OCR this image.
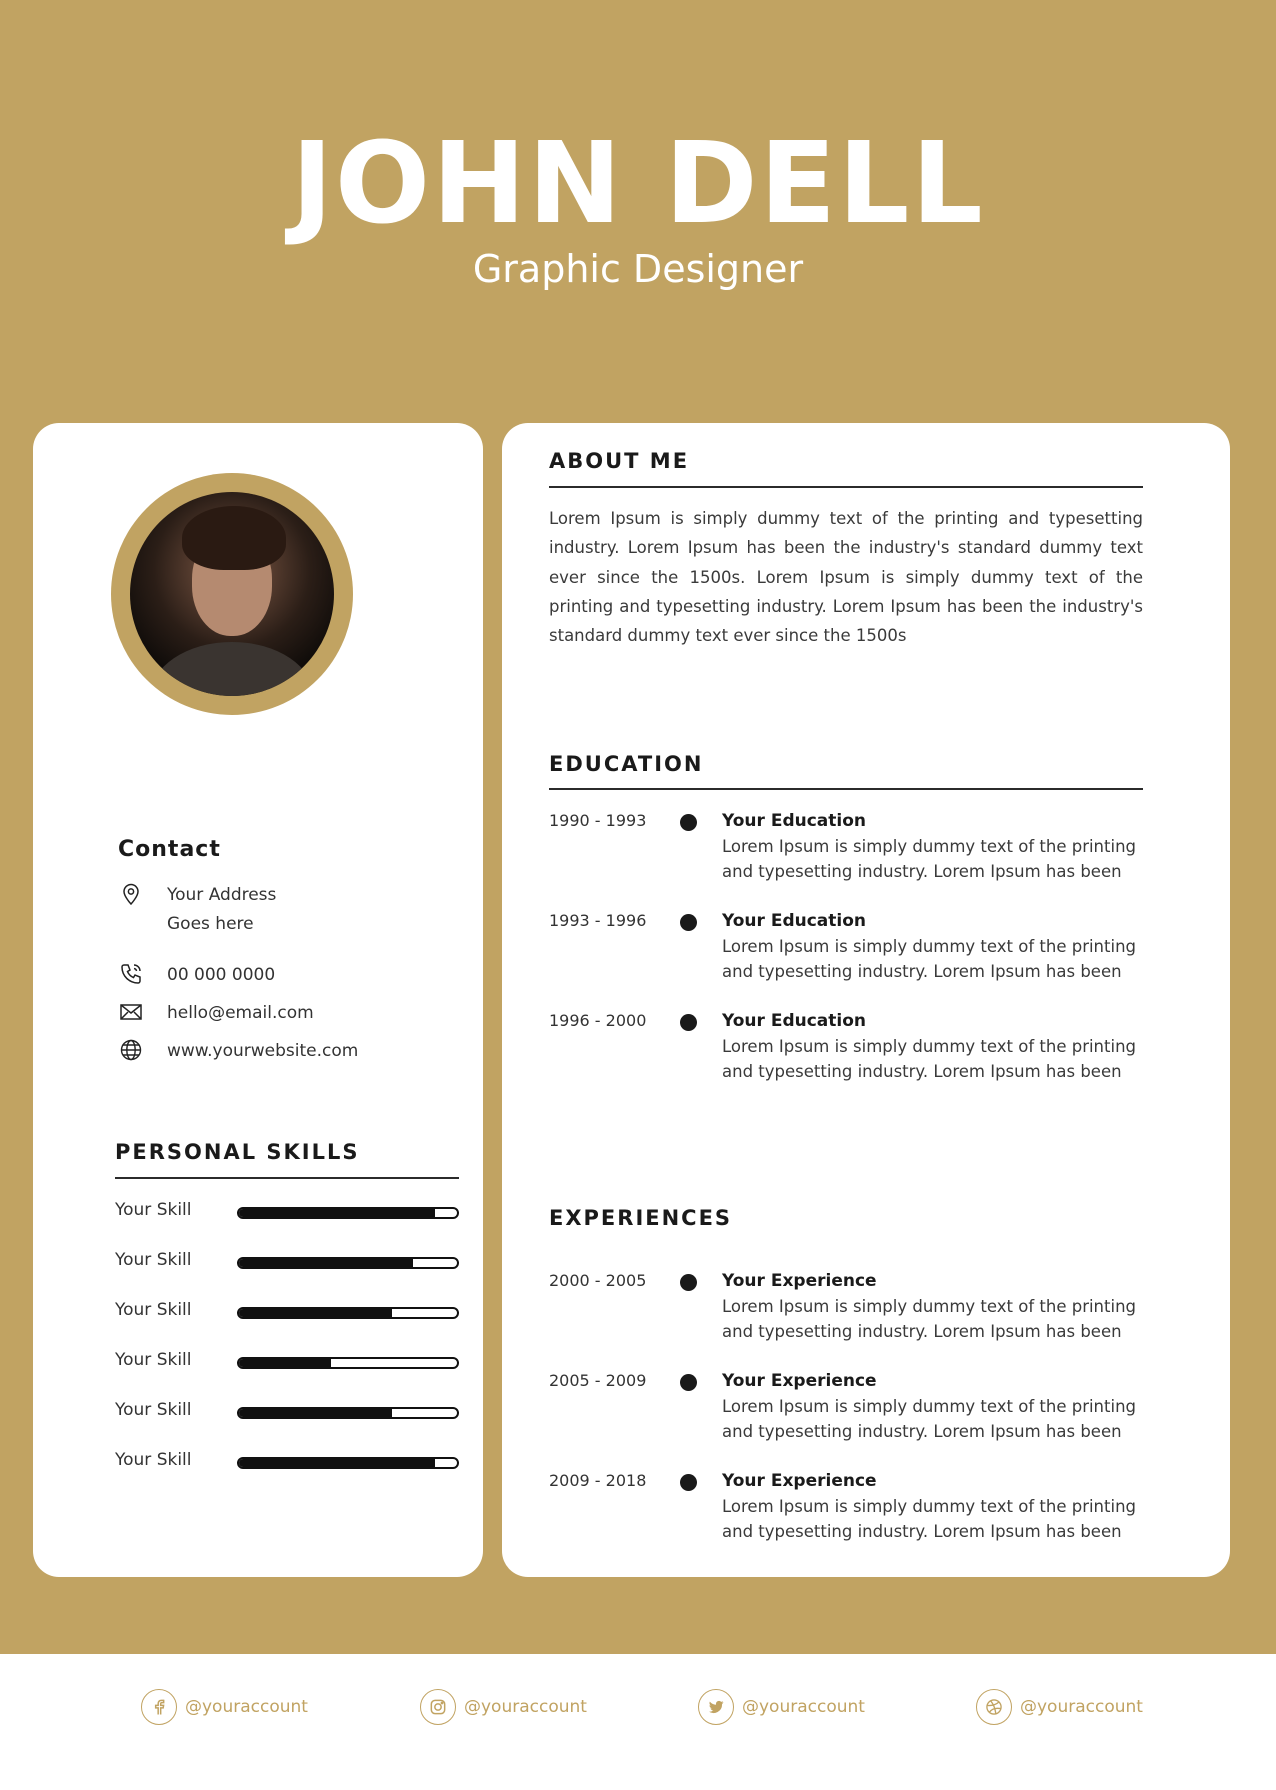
JOHN DELL
Graphic Designer
Contact
Your Address
Goes here
00 000 0000
hello@email.com
www.yourwebsite.com
PERSONAL SKILLS
Your Skill
Your Skill
Your Skill
Your Skill
Your Skill
Your Skill
ABOUT ME
Lorem Ipsum is simply dummy text of the printing and typesetting industry. Lorem Ipsum has been the industry's standard dummy text ever since the 1500s. Lorem Ipsum is simply dummy text of the printing and typesetting industry. Lorem Ipsum has been the industry's standard dummy text ever since the 1500s
EDUCATION
1990 - 1993	Your Education
Lorem Ipsum is simply dummy text of the printing and typesetting industry. Lorem Ipsum has been
1993 - 1996	Your Education
Lorem Ipsum is simply dummy text of the printing and typesetting industry. Lorem Ipsum has been
1996 - 2000	Your Education
Lorem Ipsum is simply dummy text of the printing and typesetting industry. Lorem Ipsum has been
EXPERIENCES
2000 - 2005	Your Experience
Lorem Ipsum is simply dummy text of the printing and typesetting industry. Lorem Ipsum has been
2005 - 2009	Your Experience
Lorem Ipsum is simply dummy text of the printing and typesetting industry. Lorem Ipsum has been
2009 - 2018	Your Experience
Lorem Ipsum is simply dummy text of the printing and typesetting industry. Lorem Ipsum has been
@youraccount	@youraccount	@youraccount	@youraccount
